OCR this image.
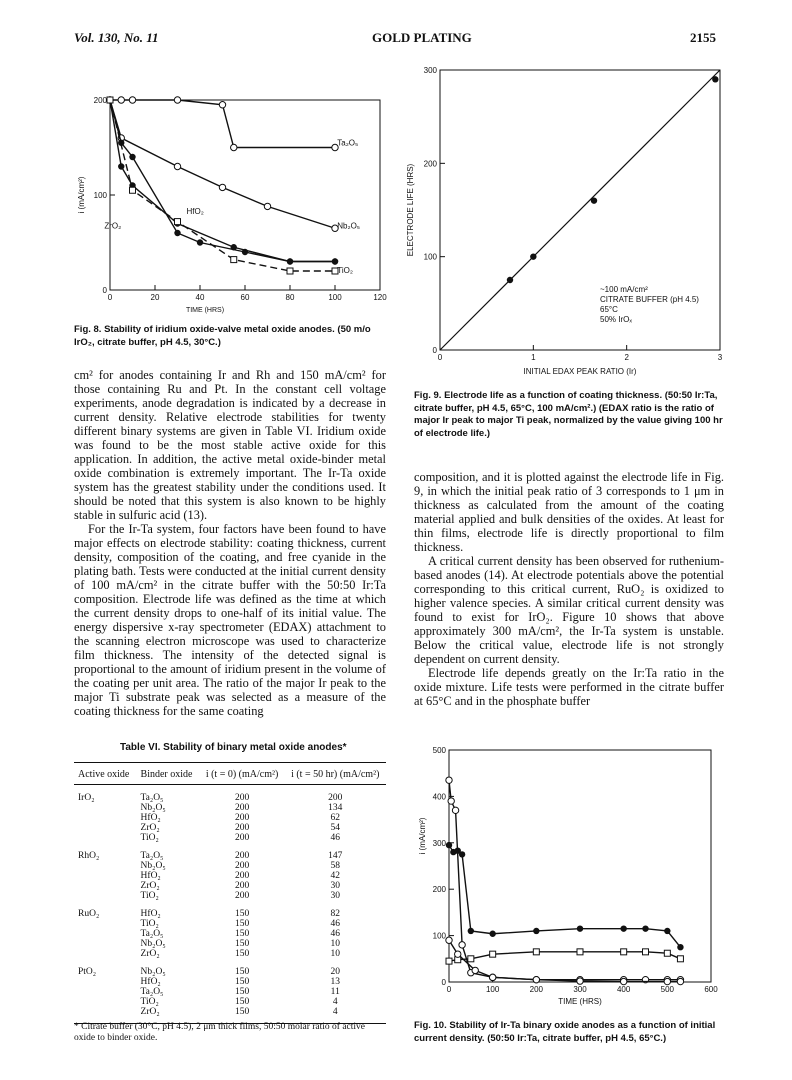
Vol. 130, No. 11	GOLD PLATING	2155
0	20	40	60	80	100	120
0
100
200
TIME (HRS)
i (mA/cm²)
Ta₂O₅
Nb₂O₅
HfO₂
ZrO₂
TiO₂
Fig. 8. Stability of iridium oxide-valve metal oxide anodes. (50 m/o IrO₂, citrate buffer, pH 4.5, 30°C.)
0	1	2	3
0
100
200
300
INITIAL EDAX PEAK RATIO (Ir)
ELECTRODE LIFE (HRS)
~100 mA/cm²
CITRATE BUFFER (pH 4.5)
65°C
50% IrOₓ
Fig. 9. Electrode life as a function of coating thickness. (50:50 Ir:Ta, citrate buffer, pH 4.5, 65°C, 100 mA/cm².) (EDAX ratio is the ratio of major Ir peak to major Ti peak, normalized by the value giving 100 hr of electrode life.)

cm² for anodes containing Ir and Rh and 150 mA/cm² for those containing Ru and Pt. In the constant cell voltage experiments, anode degradation is indicated by a decrease in current density. Relative electrode stabilities for twenty different binary systems are given in Table VI. Iridium oxide was found to be the most stable active oxide for this application. In addition, the active metal oxide-binder metal oxide combination is extremely important. The Ir-Ta oxide system has the greatest stability under the conditions used. It should be noted that this system is also known to be highly stable in sulfuric acid (13).

For the Ir-Ta system, four factors have been found to have major effects on electrode stability: coating thickness, current density, composition of the coating, and free cyanide in the plating bath. Tests were conducted at the initial current density of 100 mA/cm² in the citrate buffer with the 50:50 Ir:Ta composition. Electrode life was defined as the time at which the current density drops to one-half of its initial value. The energy dispersive x-ray spectrometer (EDAX) attachment to the scanning electron microscope was used to characterize film thickness. The intensity of the detected signal is proportional to the amount of iridium present in the volume of the coating per unit area. The ratio of the major Ir peak to the major Ti substrate peak was selected as a measure of the coating thickness for the same coating

composition, and it is plotted against the electrode life in Fig. 9, in which the initial peak ratio of 3 corresponds to 1 μm in thickness as calculated from the amount of the coating material applied and bulk densities of the oxides. At least for thin films, electrode life is directly proportional to film thickness.

A critical current density has been observed for ruthenium-based anodes (14). At electrode potentials above the potential corresponding to this critical current, RuO₂ is oxidized to higher valence species. A similar critical current density was found to exist for IrO₂. Figure 10 shows that above approximately 300 mA/cm², the Ir-Ta system is unstable. Below the critical value, electrode life is not strongly dependent on current density.

Electrode life depends greatly on the Ir:Ta ratio in the oxide mixture. Life tests were performed in the citrate buffer at 65°C and in the phosphate buffer

Table VI. Stability of binary metal oxide anodes*
Active oxide	Binder oxide	i (t = 0) (mA/cm²)	i (t = 50 hr) (mA/cm²)
IrO₂	Ta₂O₅	200	200
	Nb₂O₅	200	134
	HfO₂	200	62
	ZrO₂	200	54
	TiO₂	200	46
RhO₂	Ta₂O₅	200	147
	Nb₂O₅	200	58
	HfO₂	200	42
	ZrO₂	200	30
	TiO₂	200	30
RuO₂	HfO₂	150	82
	TiO₂	150	46
	Ta₂O₅	150	46
	Nb₂O₅	150	10
	ZrO₂	150	10
PtO₂	Nb₂O₅	150	20
	HfO₂	150	13
	Ta₂O₅	150	11
	TiO₂	150	4
	ZrO₂	150	4
* Citrate buffer (30°C, pH 4.5), 2 μm thick films, 50:50 molar ratio of active oxide to binder oxide.
0	100	200	300	400	500	600
0
100
200
300
400
500
TIME (HRS)
i (mA/cm²)
Fig. 10. Stability of Ir-Ta binary oxide anodes as a function of initial current density. (50:50 Ir:Ta, citrate buffer, pH 4.5, 65°C.)
